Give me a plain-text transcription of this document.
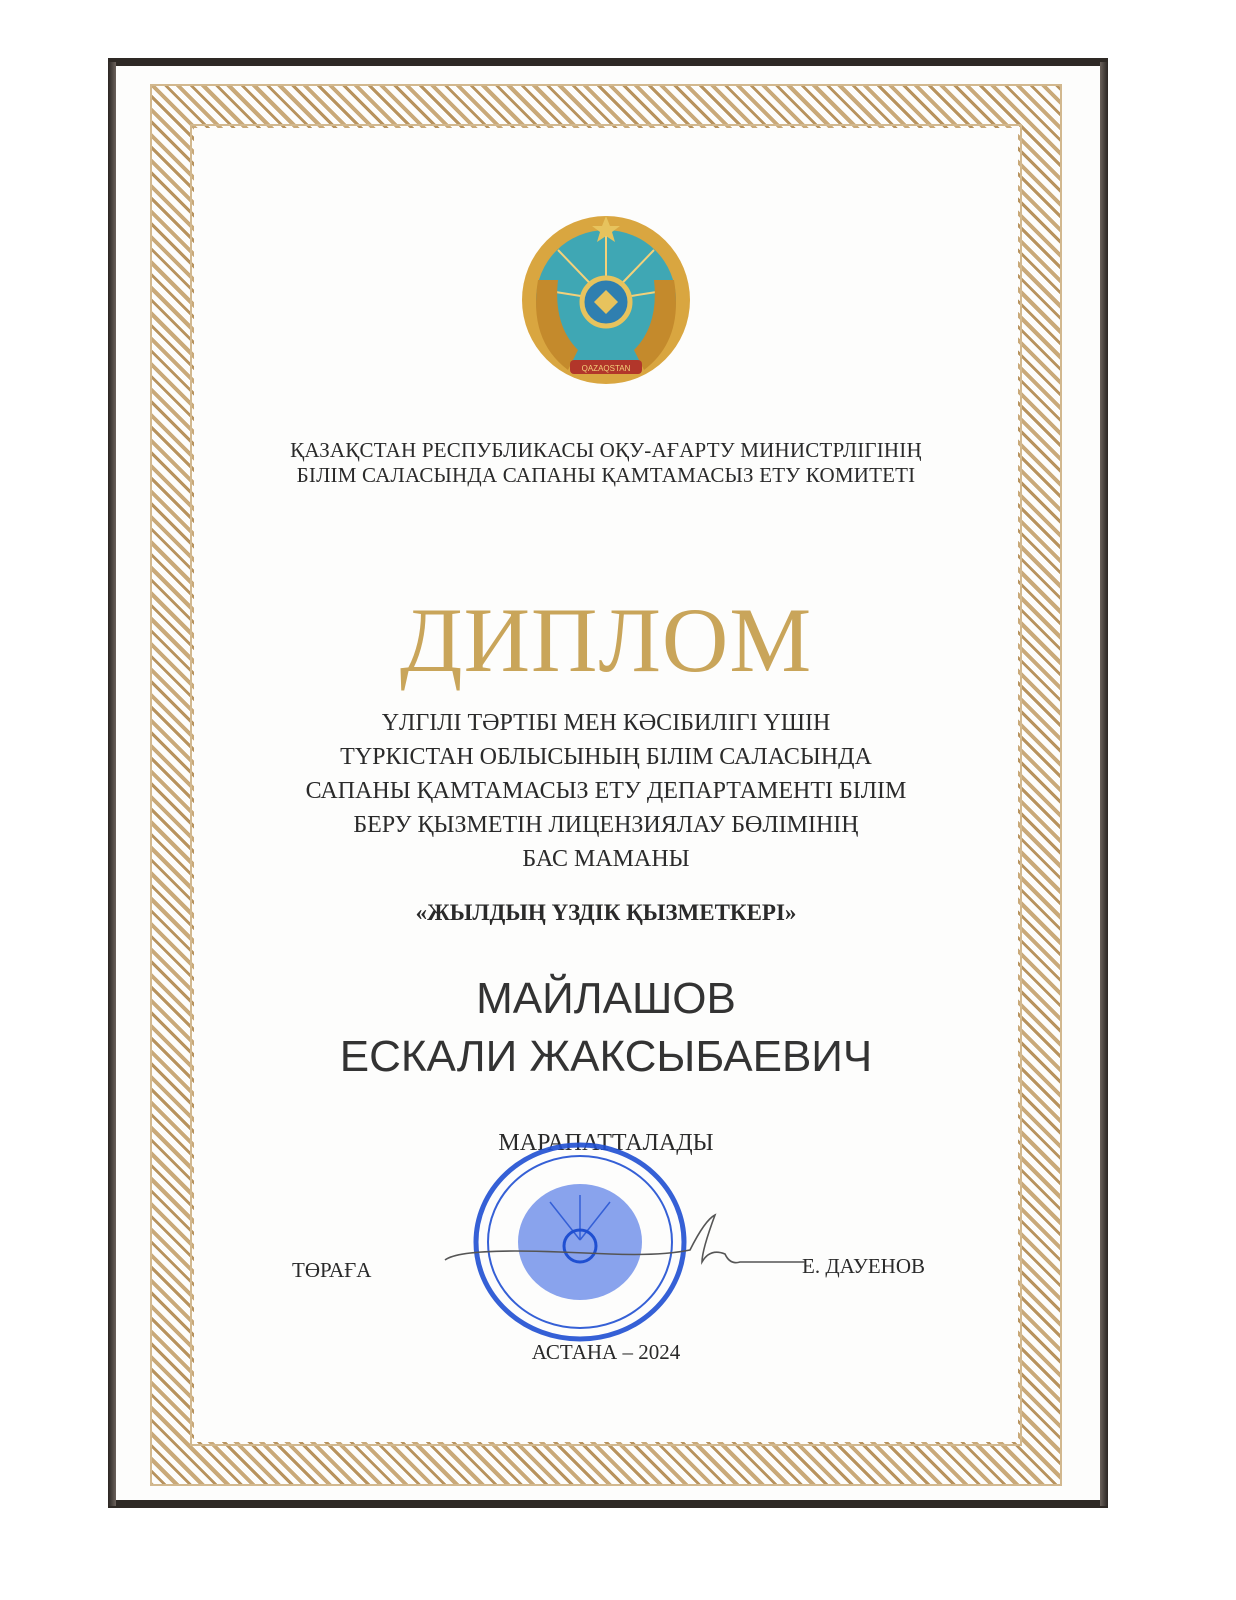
QAZAQSTAN
ҚАЗАҚСТАН РЕСПУБЛИКАСЫ ОҚУ-АҒАРТУ МИНИСТРЛІГІНІҢ
БІЛІМ САЛАСЫНДА САПАНЫ ҚАМТАМАСЫЗ ЕТУ КОМИТЕТІ
ДИПЛОМ
ҮЛГІЛІ ТӘРТІБІ МЕН КӘСІБИЛІГІ ҮШІН
ТҮРКІСТАН ОБЛЫСЫНЫҢ БІЛІМ САЛАСЫНДА
САПАНЫ ҚАМТАМАСЫЗ ЕТУ ДЕПАРТАМЕНТІ БІЛІМ
БЕРУ ҚЫЗМЕТІН ЛИЦЕНЗИЯЛАУ БӨЛІМІНІҢ
БАС МАМАНЫ
«ЖЫЛДЫҢ ҮЗДІК ҚЫЗМЕТКЕРІ»
МАЙЛАШОВ
ЕСКАЛИ ЖАКСЫБАЕВИЧ
МАРАПАТТАЛАДЫ
ТӨРАҒА	Е. ДАУЕНОВ
АСТАНА – 2024
